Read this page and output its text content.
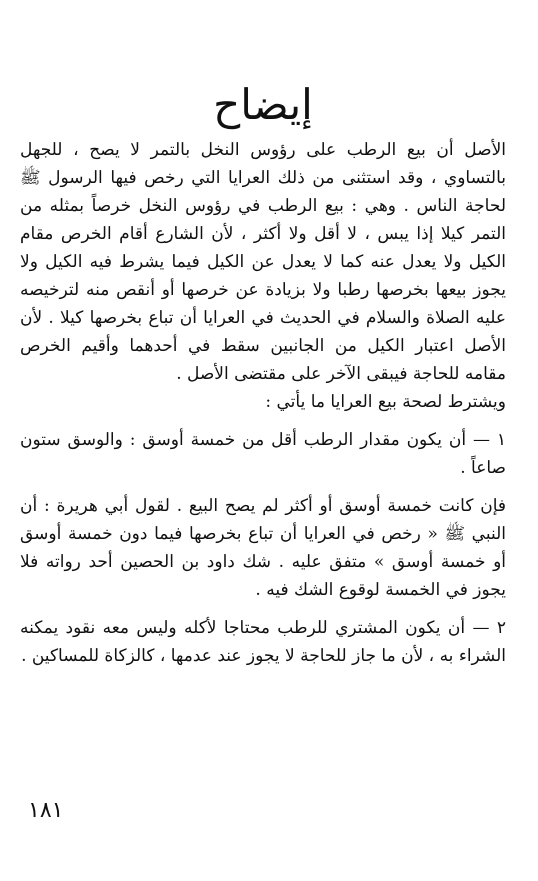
إيضاح

الأصل أن بيع الرطب على رؤوس النخل بالتمر لا يصح ، للجهل بالتساوي ، وقد استثنى من ذلك العرايا التي رخص فيها الرسول ﷺ لحاجة الناس . وهي : بيع الرطب في رؤوس النخل خرصاً بمثله من التمر كيلا إذا يبس ، لا أقل ولا أكثر ، لأن الشارع أقام الخرص مقام الكيل ولا يعدل عنه كما لا يعدل عن الكيل فيما يشرط فيه الكيل ولا يجوز بيعها بخرصها رطبا ولا بزيادة عن خرصها أو أنقص منه لترخيصه عليه الصلاة والسلام في الحديث في العرايا أن تباع بخرصها كيلا . لأن الأصل اعتبار الكيل من الجانبين سقط في أحدهما وأقيم الخرص مقامه للحاجة فيبقى الآخر على مقتضى الأصل .

ويشترط لصحة بيع العرايا ما يأتي :

١ — أن يكون مقدار الرطب أقل من خمسة أوسق : والوسق ستون صاعاً .

فإن كانت خمسة أوسق أو أكثر لم يصح البيع . لقول أبي هريرة : أن النبي ﷺ « رخص في العرايا أن تباع بخرصها فيما دون خمسة أوسق أو خمسة أوسق » متفق عليه . شك داود بن الحصين أحد رواته فلا يجوز في الخمسة لوقوع الشك فيه .

٢ — أن يكون المشتري للرطب محتاجا لأكله وليس معه نقود يمكنه الشراء به ، لأن ما جاز للحاجة لا يجوز عند عدمها ، كالزكاة للمساكين .

١٨١
